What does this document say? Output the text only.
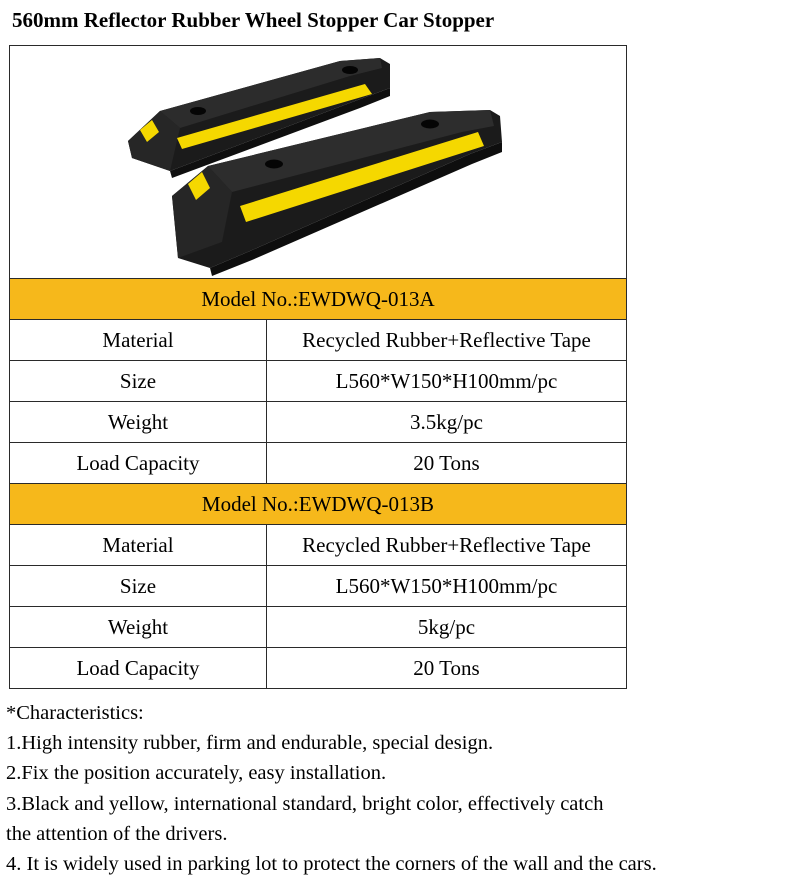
560mm Reflector Rubber Wheel Stopper Car Stopper

Model No.:EWDWQ-013A	
Material	Recycled Rubber+Reflective Tape
Size	L560*W150*H100mm/pc
Weight	3.5kg/pc
Load Capacity	20 Tons
Model No.:EWDWQ-013B	
Material	Recycled Rubber+Reflective Tape
Size	L560*W150*H100mm/pc
Weight	5kg/pc
Load Capacity	20 Tons
*Characteristics:
1.High intensity rubber, firm and endurable, special design.
2.Fix the position accurately, easy installation.
3.Black and yellow, international standard, bright color, effectively catch
the attention of the drivers.
4. It is widely used in parking lot to protect the corners of the wall and the cars.
